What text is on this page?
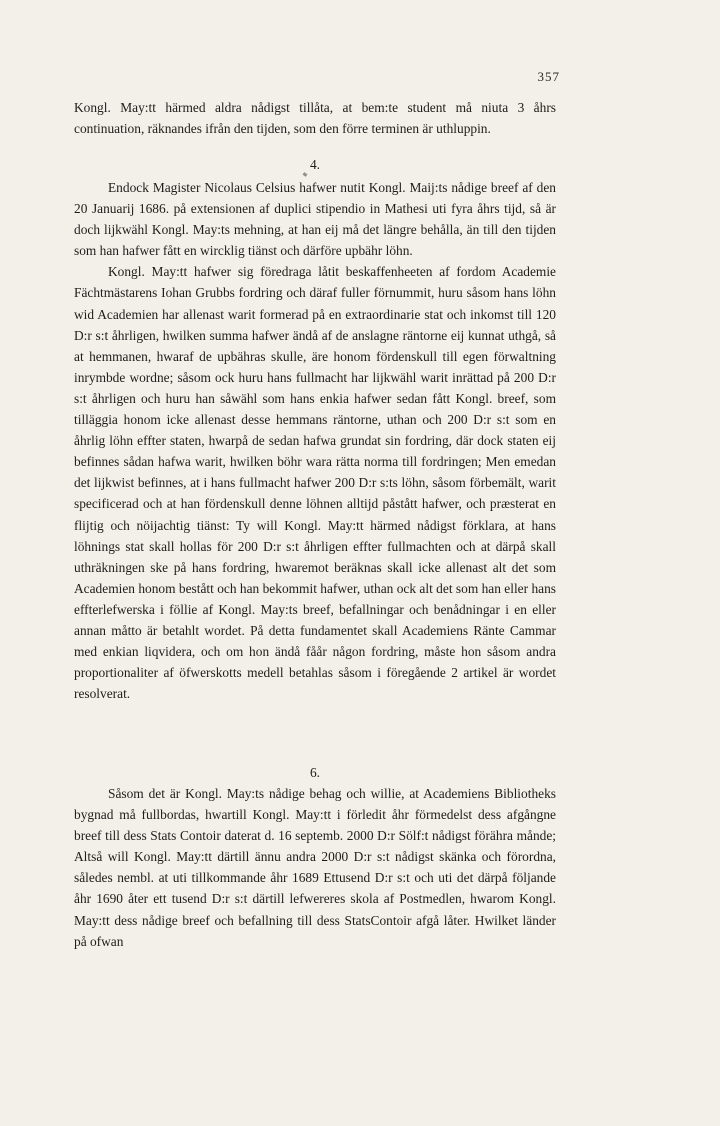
357

Kongl. May:tt härmed aldra nådigst tillåta, at bem:te student må niuta 3 åhrs continuation, räknandes ifrån den tijden, som den förre terminen är uthluppin.

4.

Endock Magister Nicolaus Celsius hafwer nutit Kongl. Maij:ts nådige breef af den 20 Januarij 1686. på extensionen af duplici stipendio in Mathesi uti fyra åhrs tijd, så är doch lijkwähl Kongl. May:ts mehning, at han eij må det längre behålla, än till den tijden som han hafwer fått en wircklig tiänst och därföre upbähr löhn.

Kongl. May:tt hafwer sig föredraga låtit beskaffenheeten af fordom Academie Fächtmästarens Iohan Grubbs fordring och däraf fuller förnummit, huru såsom hans löhn wid Academien har allenast warit formerad på en extraordinarie stat och inkomst till 120 D:r s:t åhrligen, hwilken summa hafwer ändå af de anslagne räntorne eij kunnat uthgå, så at hemmanen, hwaraf de upbähras skulle, äre honom fördenskull till egen förwaltning inrymbde wordne; såsom ock huru hans fullmacht har lijkwähl warit inrättad på 200 D:r s:t åhrligen och huru han såwähl som hans enkia hafwer sedan fått Kongl. breef, som tilläggia honom icke allenast desse hemmans räntorne, uthan och 200 D:r s:t som en åhrlig löhn effter staten, hwarpå de sedan hafwa grundat sin fordring, där dock staten eij befinnes sådan hafwa warit, hwilken böhr wara rätta norma till fordringen; Men emedan det lijkwist befinnes, at i hans fullmacht hafwer 200 D:r s:ts löhn, såsom förbemält, warit specificerad och at han fördenskull denne löhnen alltijd påstått hafwer, och præsterat en flijtig och nöijachtig tiänst: Ty will Kongl. May:tt härmed nådigst förklara, at hans löhnings stat skall hollas för 200 D:r s:t åhrligen effter fullmachten och at därpå skall uthräkningen ske på hans fordring, hwaremot beräknas skall icke allenast alt det som Academien honom bestått och han bekommit hafwer, uthan ock alt det som han eller hans effterlefwerska i föllie af Kongl. May:ts breef, befallningar och benådningar i en eller annan måtto är betahlt wordet. På detta fundamentet skall Academiens Ränte Cammar med enkian liqvidera, och om hon ändå fåår någon fordring, måste hon såsom andra proportionaliter af öfwerskotts medell betahlas såsom i föregående 2 artikel är wordet resolverat.

6.

Såsom det är Kongl. May:ts nådige behag och willie, at Academiens Bibliotheks bygnad må fullbordas, hwartill Kongl. May:tt i förledit åhr förmedelst dess afgångne breef till dess Stats Contoir daterat d. 16 septemb. 2000 D:r Sölf:t nådigst förähra månde; Altså will Kongl. May:tt därtill ännu andra 2000 D:r s:t nådigst skänka och förordna, således nembl. at uti tillkommande åhr 1689 Ettusend D:r s:t och uti det därpå följande åhr 1690 åter ett tusend D:r s:t därtill lefwereres skola af Postmedlen, hwarom Kongl. May:tt dess nådige breef och befallning till dess StatsContoir afgå låter. Hwilket länder på ofwan
